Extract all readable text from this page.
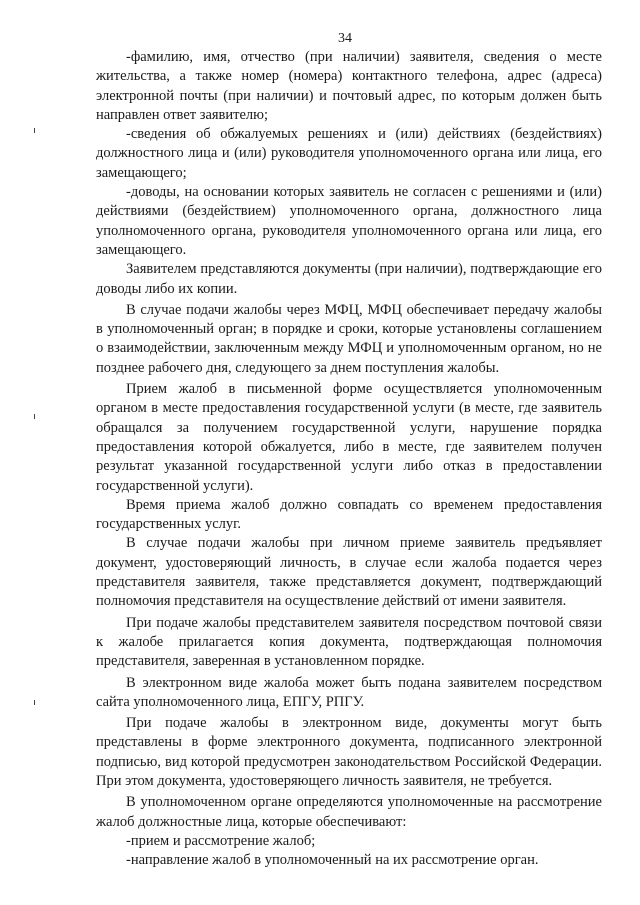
34

-фамилию, имя, отчество (при наличии) заявителя, сведения о месте жительства, а также номер (номера) контактного телефона, адрес (адреса) электронной почты (при наличии) и почтовый адрес, по которым должен быть направлен ответ заявителю;

-сведения об обжалуемых решениях и (или) действиях (бездействиях) должностного лица и (или) руководителя уполномоченного органа или лица, его замещающего;

-доводы, на основании которых заявитель не согласен с решениями и (или) действиями (бездействием) уполномоченного органа, должностного лица уполномоченного органа, руководителя уполномоченного органа или лица, его замещающего.

Заявителем представляются документы (при наличии), подтверждающие его доводы либо их копии.

В случае подачи жалобы через МФЦ, МФЦ обеспечивает передачу жалобы в уполномоченный орган; в порядке и сроки, которые установлены соглашением о взаимодействии, заключенным между МФЦ и уполномоченным органом, но не позднее рабочего дня, следующего за днем поступления жалобы.

Прием жалоб в письменной форме осуществляется уполномоченным органом в месте предоставления государственной услуги (в месте, где заявитель обращался за получением государственной услуги, нарушение порядка предоставления которой обжалуется, либо в месте, где заявителем получен результат указанной государственной услуги либо отказ в предоставлении государственной услуги).

Время приема жалоб должно совпадать со временем предоставления государственных услуг.

В случае подачи жалобы при личном приеме заявитель предъявляет документ, удостоверяющий личность, в случае если жалоба подается через представителя заявителя, также представляется документ, подтверждающий полномочия представителя на осуществление действий от имени заявителя.

При подаче жалобы представителем заявителя посредством почтовой связи к жалобе прилагается копия документа, подтверждающая полномочия представителя, заверенная в установленном порядке.

В электронном виде жалоба может быть подана заявителем посредством сайта уполномоченного лица, ЕПГУ, РПГУ.

При подаче жалобы в электронном виде, документы могут быть представлены в форме электронного документа, подписанного электронной подписью, вид которой предусмотрен законодательством Российской Федерации. При этом документа, удостоверяющего личность заявителя, не требуется.

В уполномоченном органе определяются уполномоченные на рассмотрение жалоб должностные лица, которые обеспечивают:

-прием и рассмотрение жалоб;

-направление жалоб в уполномоченный на их рассмотрение орган.
